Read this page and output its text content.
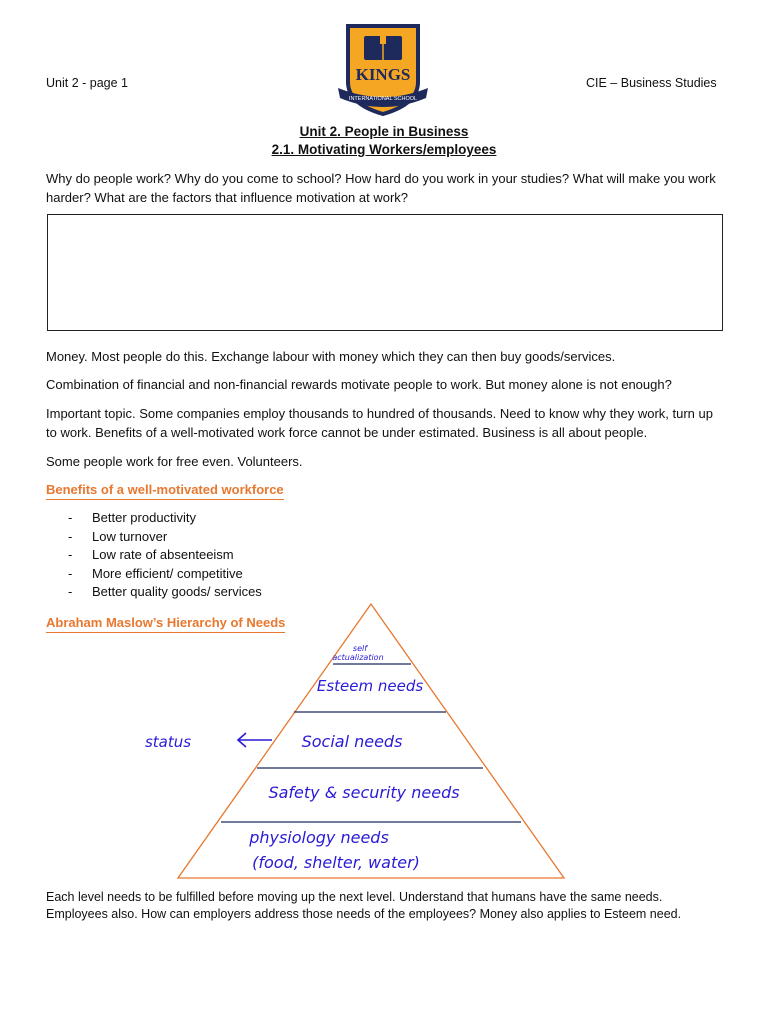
Unit 2 - page 1	CIE – Business Studies
KINGS
INTERNATIONAL SCHOOL
Unit 2. People in Business
2.1. Motivating Workers/employees
Why do people work? Why do you come to school? How hard do you work in your studies? What will make you work harder? What are the factors that influence motivation at work?
Money. Most people do this. Exchange labour with money which they can then buy goods/services.
Combination of financial and non-financial rewards motivate people to work. But money alone is not enough?
Important topic. Some companies employ thousands to hundred of thousands. Need to know why they work, turn up to work. Benefits of a well-motivated work force cannot be under estimated. Business is all about people.
Some people work for free even. Volunteers.
Benefits of a well-motivated workforce
- Better productivity
- Low turnover
- Low rate of absenteeism
- More efficient/ competitive
- Better quality goods/ services
Abraham Maslow’s Hierarchy of Needs
self
actualization
Esteem needs
Social needs
Safety & security needs
physiology needs
(food, shelter, water)
status
Each level needs to be fulfilled before moving up the next level. Understand that humans have the same needs. Employees also. How can employers address those needs of the employees? Money also applies to Esteem need.
